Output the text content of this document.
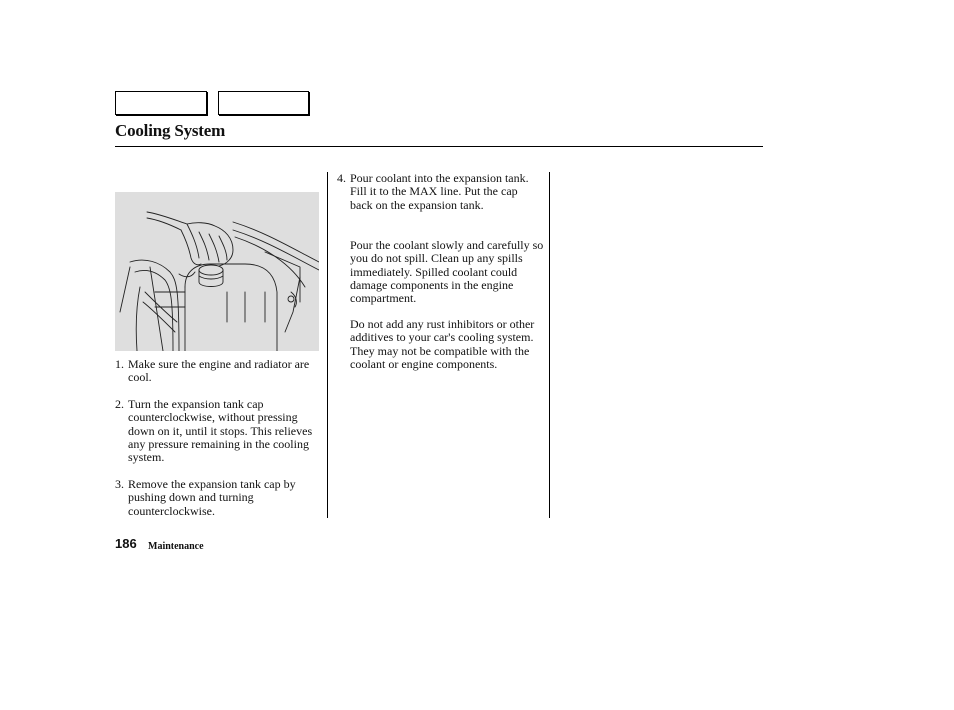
Cooling System
1. Make sure the engine and radiator are cool.
2. Turn the expansion tank cap counterclockwise, without pressing down on it, until it stops. This relieves any pressure remaining in the cooling system.
3. Remove the expansion tank cap by pushing down and turning counterclockwise.
4. Pour coolant into the expansion tank. Fill it to the MAX line. Put the cap back on the expansion tank.

Pour the coolant slowly and carefully so you do not spill. Clean up any spills immediately. Spilled coolant could damage components in the engine compartment.

Do not add any rust inhibitors or other additives to your car's cooling system. They may not be compatible with the coolant or engine components.

186 Maintenance
